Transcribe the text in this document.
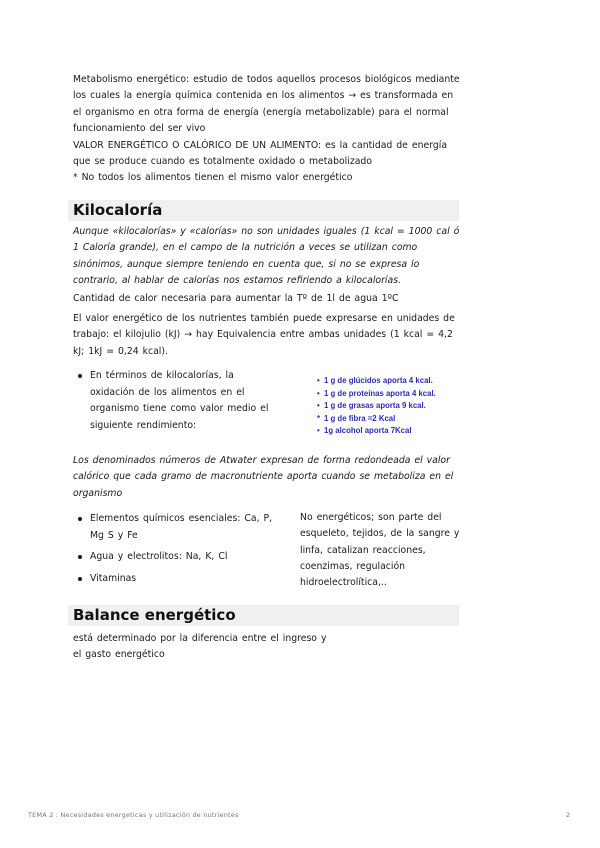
Metabolismo energético: estudio de todos aquellos procesos biológicos mediante los cuales la energía química contenida en los alimentos → es transformada en el organismo en otra forma de energía (energía metabolizable) para el normal funcionamiento del ser vivo
VALOR ENERGÉTICO O CALÓRICO DE UN ALIMENTO: es la cantidad de energía que se produce cuando es totalmente oxidado o metabolizado
* No todos los alimentos tienen el mismo valor energético
Kilocaloría
Aunque «kilocalorías» y «calorías» no son unidades iguales (1 kcal = 1000 cal ó 1 Caloría grande), en el campo de la nutrición a veces se utilizan como sinónimos, aunque siempre teniendo en cuenta que, si no se expresa lo contrario, al hablar de calorías nos estamos refiriendo a kilocalorías.
Cantidad de calor necesaria para aumentar la Tº de 1l de agua 1ºC
El valor energético de los nutrientes también puede expresarse en unidades de trabajo: el kilojulio (kJ) → hay Equivalencia entre ambas unidades (1 kcal = 4,2 kJ; 1kJ = 0,24 kcal).
En términos de kilocalorías, la oxidación de los alimentos en el organismo tiene como valor medio el siguiente rendimiento:
• 1 g de glúcidos aporta 4 kcal.
• 1 g de proteínas aporta 4 kcal.
• 1 g de grasas aporta 9 kcal.
* 1 g de fibra =2 Kcal
• 1g alcohol aporta 7Kcal
Los denominados números de Atwater expresan de forma redondeada el valor calórico que cada gramo de macronutriente aporta cuando se metaboliza en el organismo
Elementos químicos esenciales: Ca, P, Mg S y Fe
Agua y electrolitos: Na, K, Cl
Vitaminas
No energéticos; son parte del esqueleto, tejidos, de la sangre y linfa, catalizan reacciones, coenzimas, regulación hidroelectrolítica,..
Balance energético
está determinado por la diferencia entre el ingreso y
el gasto energético
TEMA 2 : Necesidades energeticas y utilización de nutrientes	2
